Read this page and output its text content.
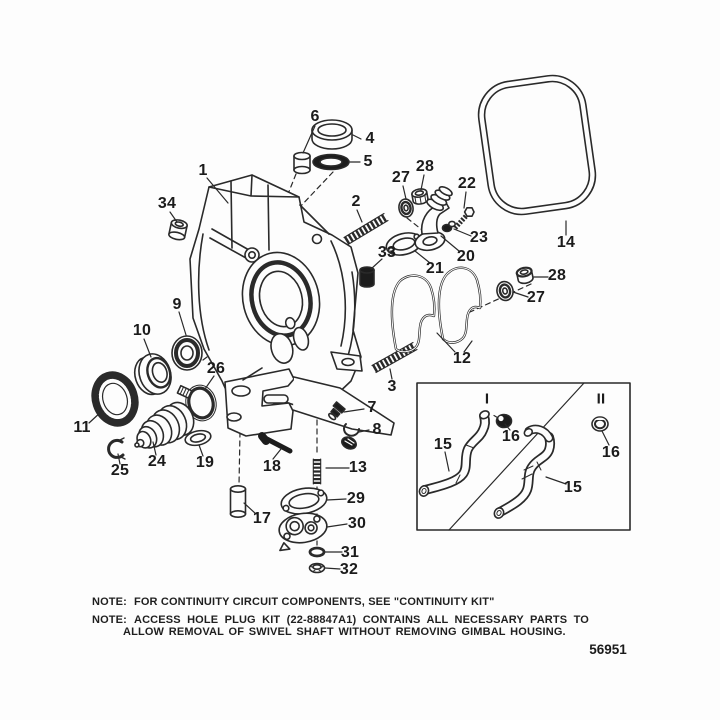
1
2
3
4
5
6
7
8
9
10
11
12
13
14
15
15
16
16
17
18
19
20
21
22
23
24
25
26
27
27
28
28
29
30
31
32
33
34
I	II
NOTE: FOR CONTINUITY CIRCUIT COMPONENTS, SEE "CONTINUITY KIT"
NOTE: ACCESS HOLE PLUG KIT (22-88847A1) CONTAINS ALL NECESSARY PARTS TO ALLOW REMOVAL OF SWIVEL SHAFT WITHOUT REMOVING GIMBAL HOUSING.
56951
